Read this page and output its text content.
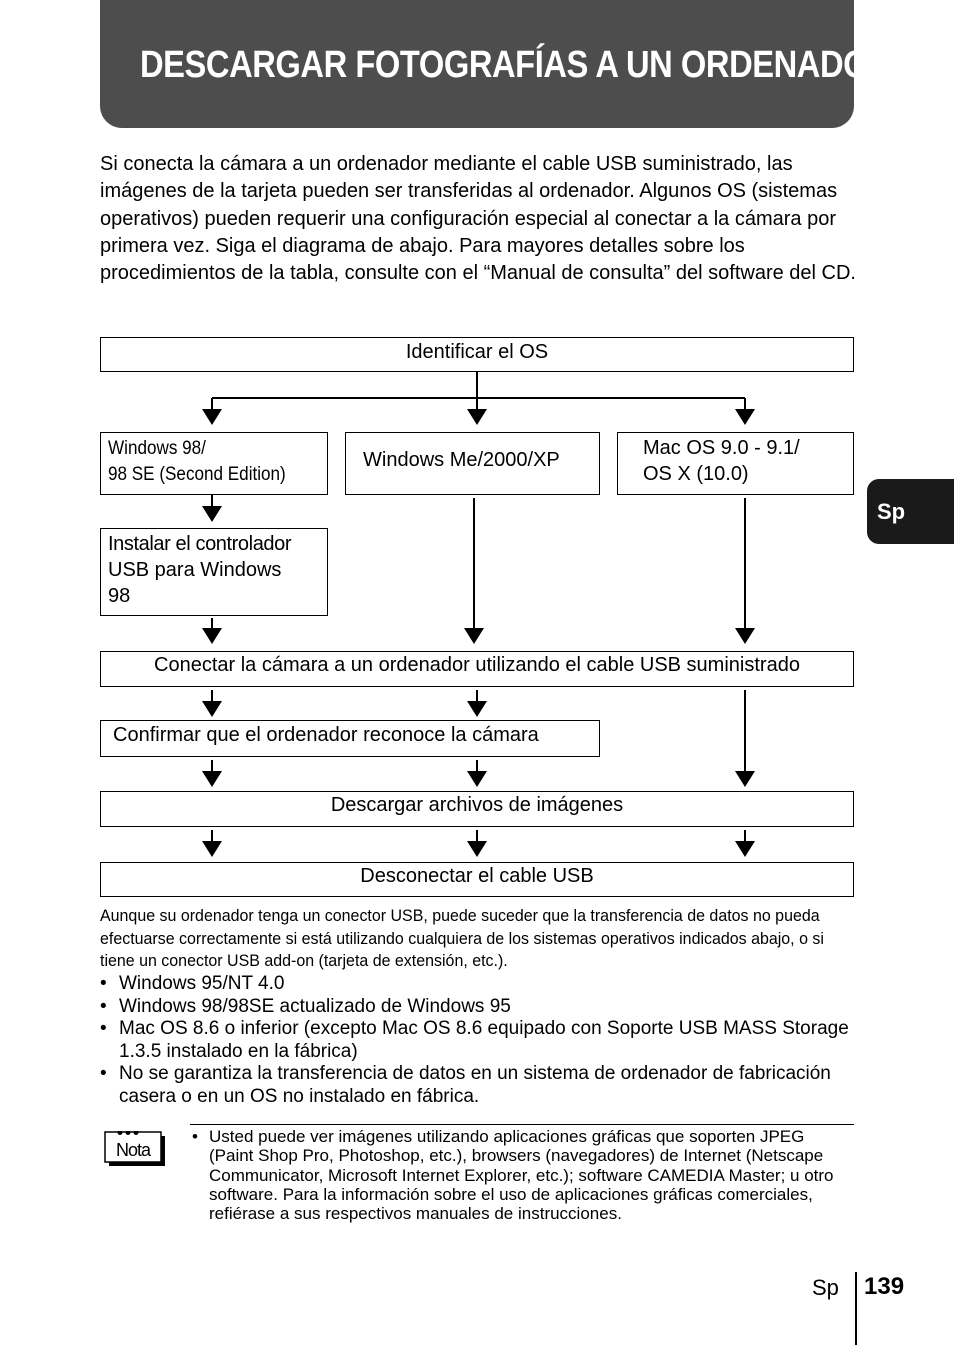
DESCARGAR FOTOGRAFÍAS A UN ORDENADOR
Si conecta la cámara a un ordenador mediante el cable USB suministrado, las imágenes de la tarjeta pueden ser transferidas al ordenador. Algunos OS (sistemas operativos) pueden requerir una configuración especial al conectar a la cámara por primera vez. Siga el diagrama de abajo. Para mayores detalles sobre los procedimientos de la tabla, consulte con el “Manual de consulta” del software del CD.
Sp
Identificar el OS
Windows 98/
98 SE (Second Edition)
Windows Me/2000/XP
Mac OS 9.0 - 9.1/
OS X (10.0)
Instalar el controlador
USB para Windows
98
Conectar la cámara a un ordenador utilizando el cable USB suministrado
Confirmar que el ordenador reconoce la cámara
Descargar archivos de imágenes
Desconectar el cable USB
Aunque su ordenador tenga un conector USB, puede suceder que la transferencia de datos no pueda efectuarse correctamente si está utilizando cualquiera de los sistemas operativos indicados abajo, o si tiene un conector USB add-on (tarjeta de extensión, etc.).
• Windows 95/NT 4.0
• Windows 98/98SE actualizado de Windows 95
• Mac OS 8.6 o inferior (excepto Mac OS 8.6 equipado con Soporte USB MASS Storage 1.3.5 instalado en la fábrica)
• No se garantiza la transferencia de datos en un sistema de ordenador de fabricación casera o en un OS no instalado en fábrica.
Nota
• Usted puede ver imágenes utilizando aplicaciones gráficas que soporten JPEG (Paint Shop Pro, Photoshop, etc.), browsers (navegadores) de Internet (Netscape Communicator, Microsoft Internet Explorer, etc.); software CAMEDIA Master; u otro software. Para la información sobre el uso de aplicaciones gráficas comerciales, refiérase a sus respectivos manuales de instrucciones.
Sp 139
